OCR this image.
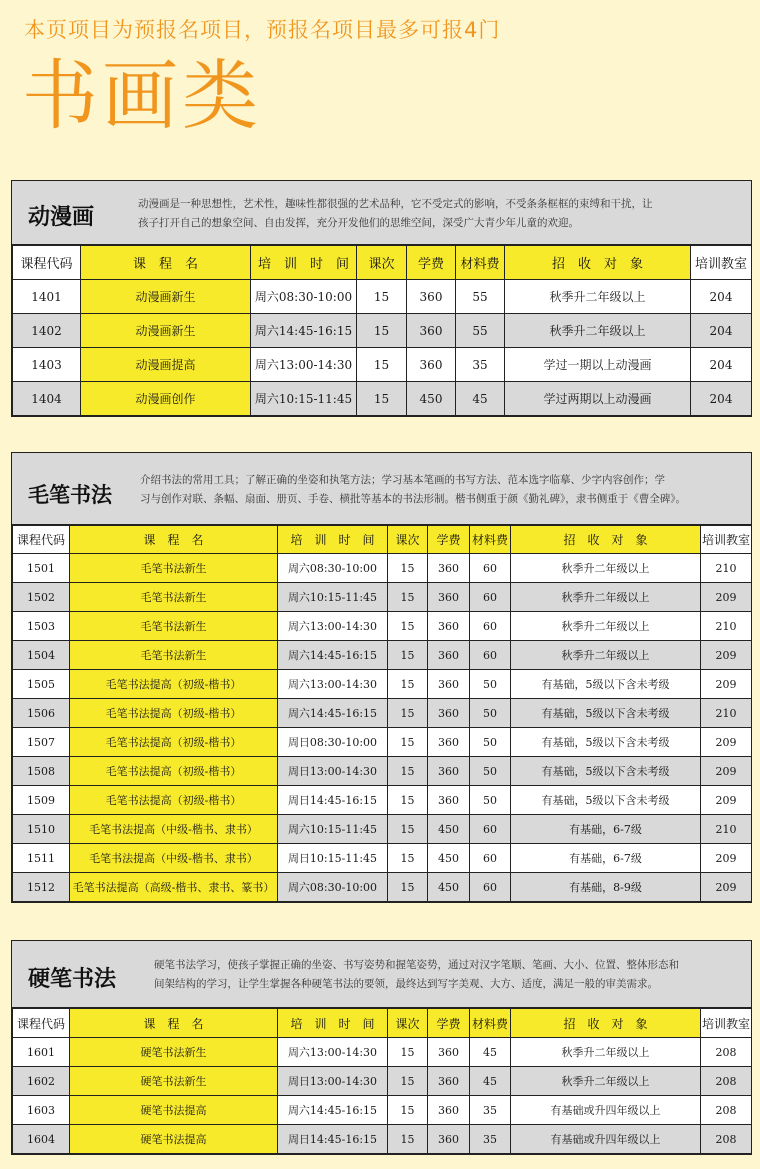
本页项目为预报名项目，预报名项目最多可报4门
书画类
动漫画
动漫画是一种思想性，艺术性，趣味性都很强的艺术品种，它不受定式的影响，不受条条框框的束缚和干扰，让
孩子打开自己的想象空间、自由发挥，充分开发他们的思维空间，深受广大青少年儿童的欢迎。
课程代码	课　程　名	培　训　时　间	课次	学费	材料费	招　收　对　象	培训教室
1401	动漫画新生	周六08:30-10:00	15	360	55	秋季升二年级以上	204
1402	动漫画新生	周六14:45-16:15	15	360	55	秋季升二年级以上	204
1403	动漫画提高	周六13:00-14:30	15	360	35	学过一期以上动漫画	204
1404	动漫画创作	周六10:15-11:45	15	450	45	学过两期以上动漫画	204
毛笔书法
介绍书法的常用工具；了解正确的坐姿和执笔方法；学习基本笔画的书写方法、范本选字临摹、少字内容创作；学
习与创作对联、条幅、扇面、册页、手卷、横批等基本的书法形制。楷书侧重于颜《勤礼碑》，隶书侧重于《曹全碑》。
课程代码	课　程　名	培　训　时　间	课次	学费	材料费	招　收　对　象	培训教室
1501	毛笔书法新生	周六08:30-10:00	15	360	60	秋季升二年级以上	210
1502	毛笔书法新生	周六10:15-11:45	15	360	60	秋季升二年级以上	209
1503	毛笔书法新生	周六13:00-14:30	15	360	60	秋季升二年级以上	210
1504	毛笔书法新生	周六14:45-16:15	15	360	60	秋季升二年级以上	209
1505	毛笔书法提高（初级-楷书）	周六13:00-14:30	15	360	50	有基础，5级以下含未考级	209
1506	毛笔书法提高（初级-楷书）	周六14:45-16:15	15	360	50	有基础，5级以下含未考级	210
1507	毛笔书法提高（初级-楷书）	周日08:30-10:00	15	360	50	有基础，5级以下含未考级	209
1508	毛笔书法提高（初级-楷书）	周日13:00-14:30	15	360	50	有基础，5级以下含未考级	209
1509	毛笔书法提高（初级-楷书）	周日14:45-16:15	15	360	50	有基础，5级以下含未考级	209
1510	毛笔书法提高（中级-楷书、隶书）	周六10:15-11:45	15	450	60	有基础，6-7级	210
1511	毛笔书法提高（中级-楷书、隶书）	周日10:15-11:45	15	450	60	有基础，6-7级	209
1512	毛笔书法提高（高级-楷书、隶书、篆书）	周六08:30-10:00	15	450	60	有基础，8-9级	209
硬笔书法
硬笔书法学习，使孩子掌握正确的坐姿、书写姿势和握笔姿势，通过对汉字笔顺、笔画、大小、位置、整体形态和
间架结构的学习，让学生掌握各种硬笔书法的要领，最终达到写字美观、大方、适度，满足一般的审美需求。
课程代码	课　程　名	培　训　时　间	课次	学费	材料费	招　收　对　象	培训教室
1601	硬笔书法新生	周六13:00-14:30	15	360	45	秋季升二年级以上	208
1602	硬笔书法新生	周日13:00-14:30	15	360	45	秋季升二年级以上	208
1603	硬笔书法提高	周六14:45-16:15	15	360	35	有基础或升四年级以上	208
1604	硬笔书法提高	周日14:45-16:15	15	360	35	有基础或升四年级以上	208
